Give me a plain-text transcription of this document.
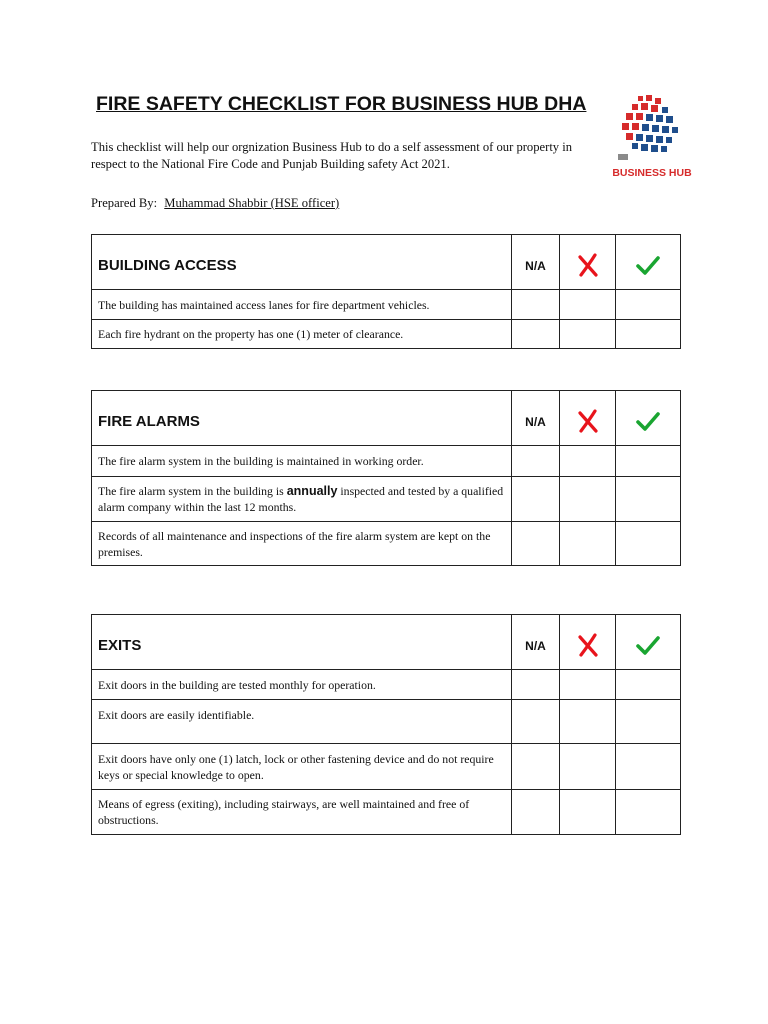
FIRE SAFETY CHECKLIST FOR BUSINESS HUB DHA
BUSINESS HUB

This checklist will help our orgnization Business Hub to do a self assessment of our property in respect to the National Fire Code and Punjab Building safety Act 2021.

Prepared By: Muhammad Shabbir (HSE officer)

BUILDING ACCESS	N/A	

The building has maintained access lanes for fire department vehicles.			
Each fire hydrant on the property has one (1) meter of clearance.			
FIRE ALARMS	N/A	

The fire alarm system in the building is maintained in working order.			
The fire alarm system in the building is annually inspected and tested by a qualified alarm company within the last 12 months.			
Records of all maintenance and inspections of the fire alarm system are kept on the premises.			
EXITS	N/A	

Exit doors in the building are tested monthly for operation.			
Exit doors are easily identifiable.			
Exit doors have only one (1) latch, lock or other fastening device and do not require keys or special knowledge to open.			
Means of egress (exiting), including stairways, are well maintained and free of obstructions.			
